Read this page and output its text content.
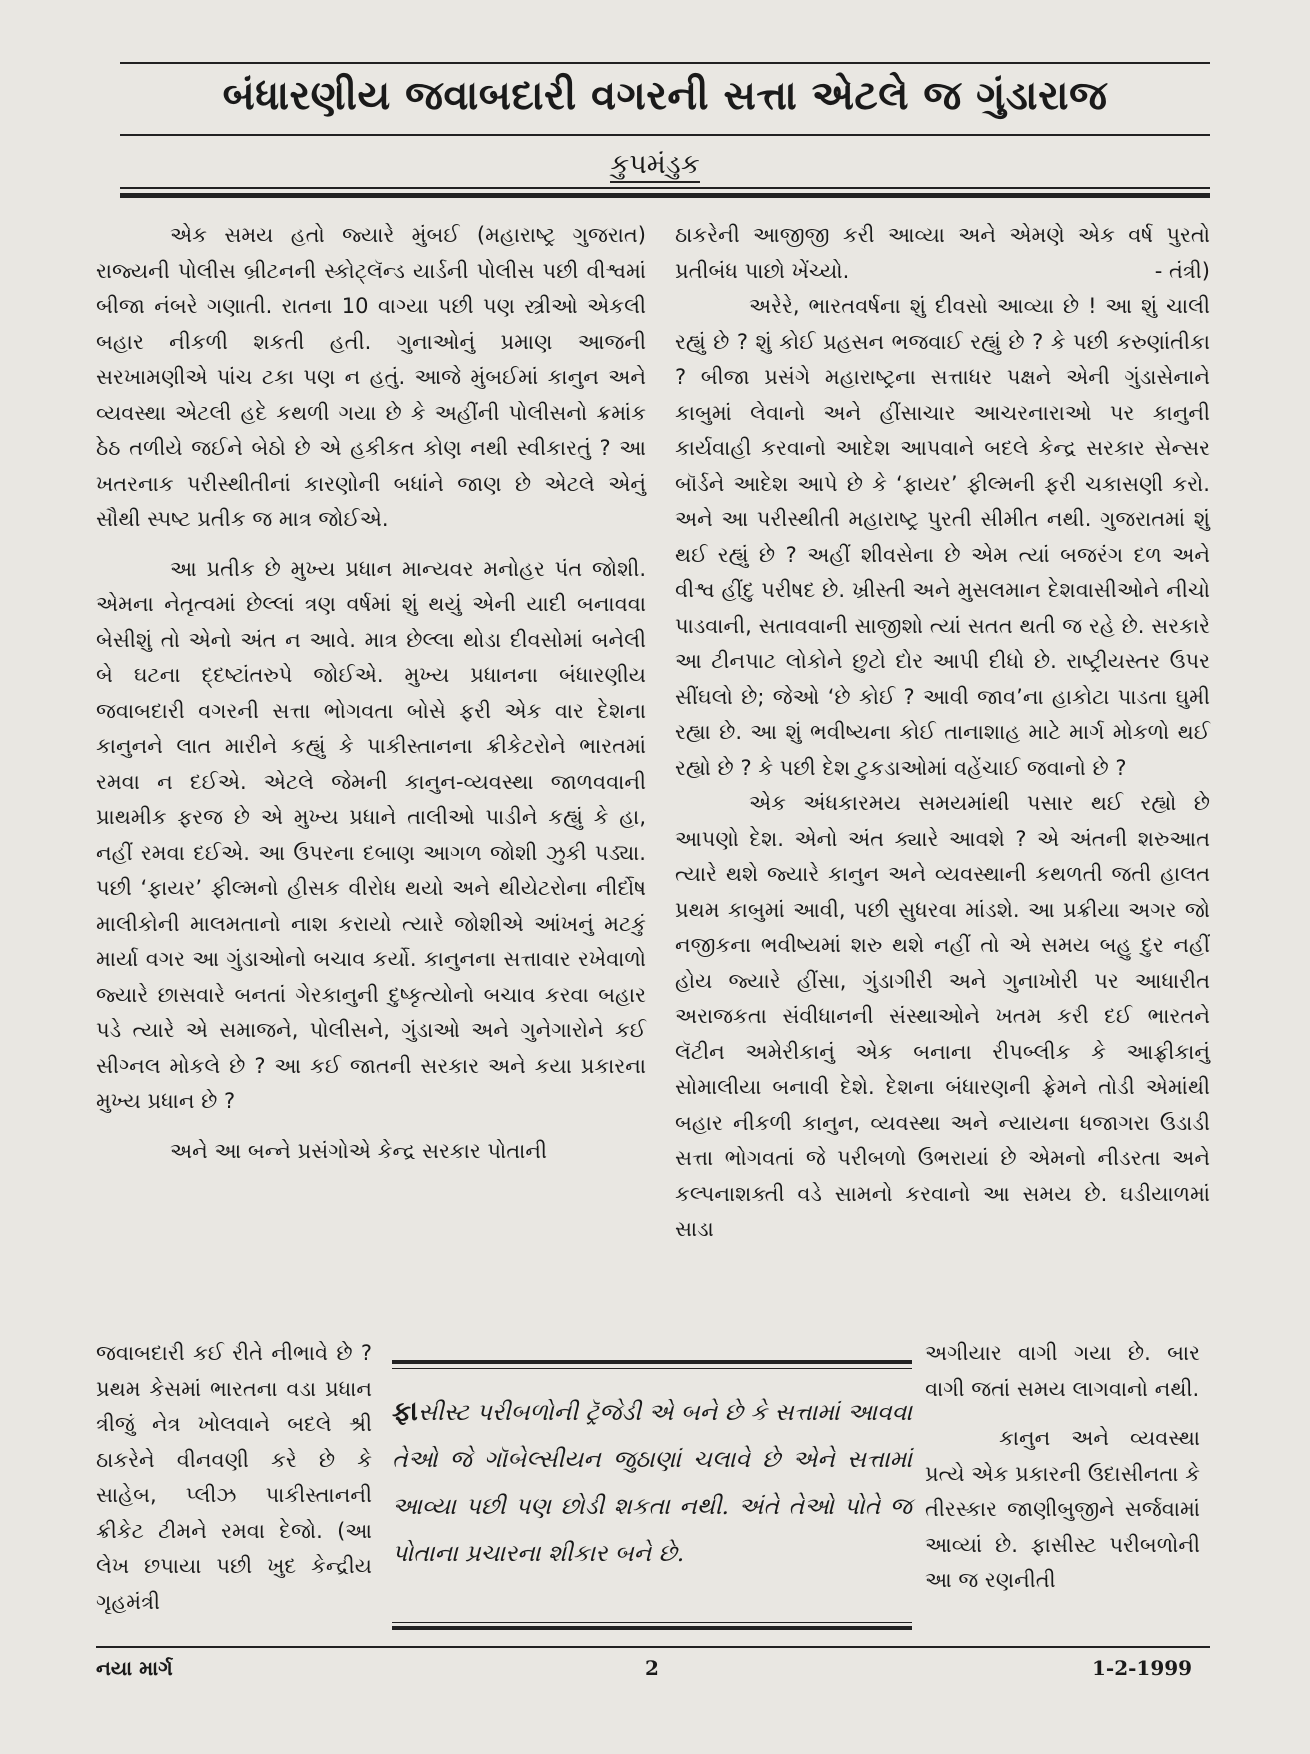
બંધારણીય જવાબદારી વગરની સત્તા એટલે જ ગુંડારાજ
કુપમંડુક

એક સમય હતો જ્યારે મુંબઈ (મહારાષ્ટ્ર ગુજરાત) રાજ્યની પોલીસ બ્રીટનની સ્કોટ્લૅન્ડ યાર્ડની પોલીસ પછી વીશ્વમાં બીજા નંબરે ગણાતી. રાતના 10 વાગ્યા પછી પણ સ્ત્રીઓ એકલી બહાર નીકળી શકતી હતી. ગુનાઓનું પ્રમાણ આજની સરખામણીએ પાંચ ટકા પણ ન હતું. આજે મુંબઈમાં કાનુન અને વ્યવસ્થા એટલી હદે કથળી ગયા છે કે અહીંની પોલીસનો ક્રમાંક ઠેઠ તળીયે જઈને બેઠો છે એ હકીકત કોણ નથી સ્વીકારતું ? આ ખતરનાક પરીસ્થીતીનાં કારણોની બધાંને જાણ છે એટલે એનું સૌથી સ્પષ્ટ પ્રતીક જ માત્ર જોઈએ.

આ પ્રતીક છે મુખ્ય પ્રધાન માન્યવર મનોહર પંત જોશી. એમના નેતૃત્વમાં છેલ્લાં ત્રણ વર્ષમાં શું થયું એની યાદી બનાવવા બેસીશું તો એનો અંત ન આવે. માત્ર છેલ્લા થોડા દીવસોમાં બનેલી બે ઘટના દ્દષ્ટાંતરુપે જોઈએ. મુખ્ય પ્રધાનના બંધારણીય જવાબદારી વગરની સત્તા ભોગવતા બોસે ફરી એક વાર દેશના કાનુનને લાત મારીને કહ્યું કે પાકીસ્તાનના ક્રીકેટરોને ભારતમાં રમવા ન દઈએ. એટલે જેમની કાનુન-વ્યવસ્થા જાળવવાની પ્રાથમીક ફરજ છે એ મુખ્ય પ્રધાને તાલીઓ પાડીને કહ્યું કે હા, નહીં રમવા દઈએ. આ ઉપરના દબાણ આગળ જોશી ઝુકી પડ્યા. પછી ‘ફાયર’ ફીલ્મનો હીસક વીરોધ થયો અને થીયેટરોના નીર્દોષ માલીકોની માલમતાનો નાશ કરાયો ત્યારે જોશીએ આંખનું મટકું માર્યા વગર આ ગુંડાઓનો બચાવ કર્યો. કાનુનના સત્તાવાર રખેવાળો જ્યારે છાસવારે બનતાં ગેરકાનુની દુષ્કૃત્યોનો બચાવ કરવા બહાર પડે ત્યારે એ સમાજને, પોલીસને, ગુંડાઓ અને ગુનેગારોને કઈ સીગ્નલ મોકલે છે ? આ કઈ જાતની સરકાર અને કયા પ્રકારના મુખ્ય પ્રધાન છે ?

અને આ બન્ને પ્રસંગોએ કેન્દ્ર સરકાર પોતાની

જવાબદારી કઈ રીતે નીભાવે છે ? પ્રથમ કેસમાં ભારતના વડા પ્રધાન ત્રીજું નેત્ર ખોલવાને બદલે શ્રી ઠાકરેને વીનવણી કરે છે કે સાહેબ, પ્લીઝ પાકીસ્તાનની ક્રીકેટ ટીમને રમવા દેજો. (આ લેખ છપાયા પછી ખુદ કેન્દ્રીય ગૃહમંત્રી

ઠાકરેની આજીજી કરી આવ્યા અને એમણે એક વર્ષ પુરતો પ્રતીબંધ પાછો ખેંચ્યો.	- તંત્રી)

અરેરે, ભારતવર્ષના શું દીવસો આવ્યા છે ! આ શું ચાલી રહ્યું છે ? શું કોઈ પ્રહસન ભજવાઈ રહ્યું છે ? કે પછી કરુણાંતીકા ? બીજા પ્રસંગે મહારાષ્ટ્રના સત્તાધર પક્ષને એની ગુંડાસેનાને કાબુમાં લેવાનો અને હીંસાચાર આચરનારાઓ પર કાનુની કાર્યવાહી કરવાનો આદેશ આપવાને બદલે કેન્દ્ર સરકાર સેન્સર બૉર્ડને આદેશ આપે છે કે ‘ફાયર’ ફીલ્મની ફરી ચકાસણી કરો. અને આ પરીસ્થીતી મહારાષ્ટ્ર પુરતી સીમીત નથી. ગુજરાતમાં શું થઈ રહ્યું છે ? અહીં શીવસેના છે એમ ત્યાં બજરંગ દળ અને વીશ્વ હીંદુ પરીષદ છે. ખ્રીસ્તી અને મુસલમાન દેશવાસીઓને નીચો પાડવાની, સતાવવાની સાજીશો ત્યાં સતત થતી જ રહે છે. સરકારે આ ટીનપાટ લોકોને છુટો દોર આપી દીધો છે. રાષ્ટ્રીયસ્તર ઉપર સીંઘલો છે; જેઓ ‘છે કોઈ ? આવી જાવ’ના હાકોટા પાડતા ઘુમી રહ્યા છે. આ શું ભવીષ્યના કોઈ તાનાશાહ માટે માર્ગ મોકળો થઈ રહ્યો છે ? કે પછી દેશ ટુકડાઓમાં વહેંચાઈ જવાનો છે ?

એક અંધકારમય સમયમાંથી પસાર થઈ રહ્યો છે આપણો દેશ. એનો અંત ક્યારે આવશે ? એ અંતની શરુઆત ત્યારે થશે જ્યારે કાનુન અને વ્યવસ્થાની કથળતી જતી હાલત પ્રથમ કાબુમાં આવી, પછી સુધરવા માંડશે. આ પ્રક્રીયા અગર જો નજીકના ભવીષ્યમાં શરુ થશે નહીં તો એ સમય બહુ દુર નહીં હોય જ્યારે હીંસા, ગુંડાગીરી અને ગુનાખોરી પર આધારીત અરાજકતા સંવીધાનની સંસ્થાઓને ખતમ કરી દઈ ભારતને લૅટીન અમેરીકાનું એક બનાના રીપબ્લીક કે આફ્રીકાનું સોમાલીયા બનાવી દેશે. દેશના બંધારણની ફ્રેમને તોડી એમાંથી બહાર નીકળી કાનુન, વ્યવસ્થા અને ન્યાયના ધજાગરા ઉડાડી સત્તા ભોગવતાં જે પરીબળો ઉભરાયાં છે એમનો નીડરતા અને કલ્પનાશક્તી વડે સામનો કરવાનો આ સમય છે. ઘડીયાળમાં સાડા

અગીયાર વાગી ગયા છે. બાર વાગી જતાં સમય લાગવાનો નથી.

કાનુન અને વ્યવસ્થા પ્રત્યે એક પ્રકારની ઉદાસીનતા કે તીરસ્કાર જાણીબુજીને સર્જવામાં આવ્યાં છે. ફાસીસ્ટ પરીબળોની આ જ રણનીતી

ફાસીસ્ટ પરીબળોની ટ્રૅજેડી એ બને છે કે સત્તામાં આવવા તેઓ જે ગૉબેલ્સીયન જુઠાણાં ચલાવે છે એને સત્તામાં આવ્યા પછી પણ છોડી શકતા નથી. અંતે તેઓ પોતે જ પોતાના પ્રચારના શીકાર બને છે.

નયા માર્ગ	2	1-2-1999
